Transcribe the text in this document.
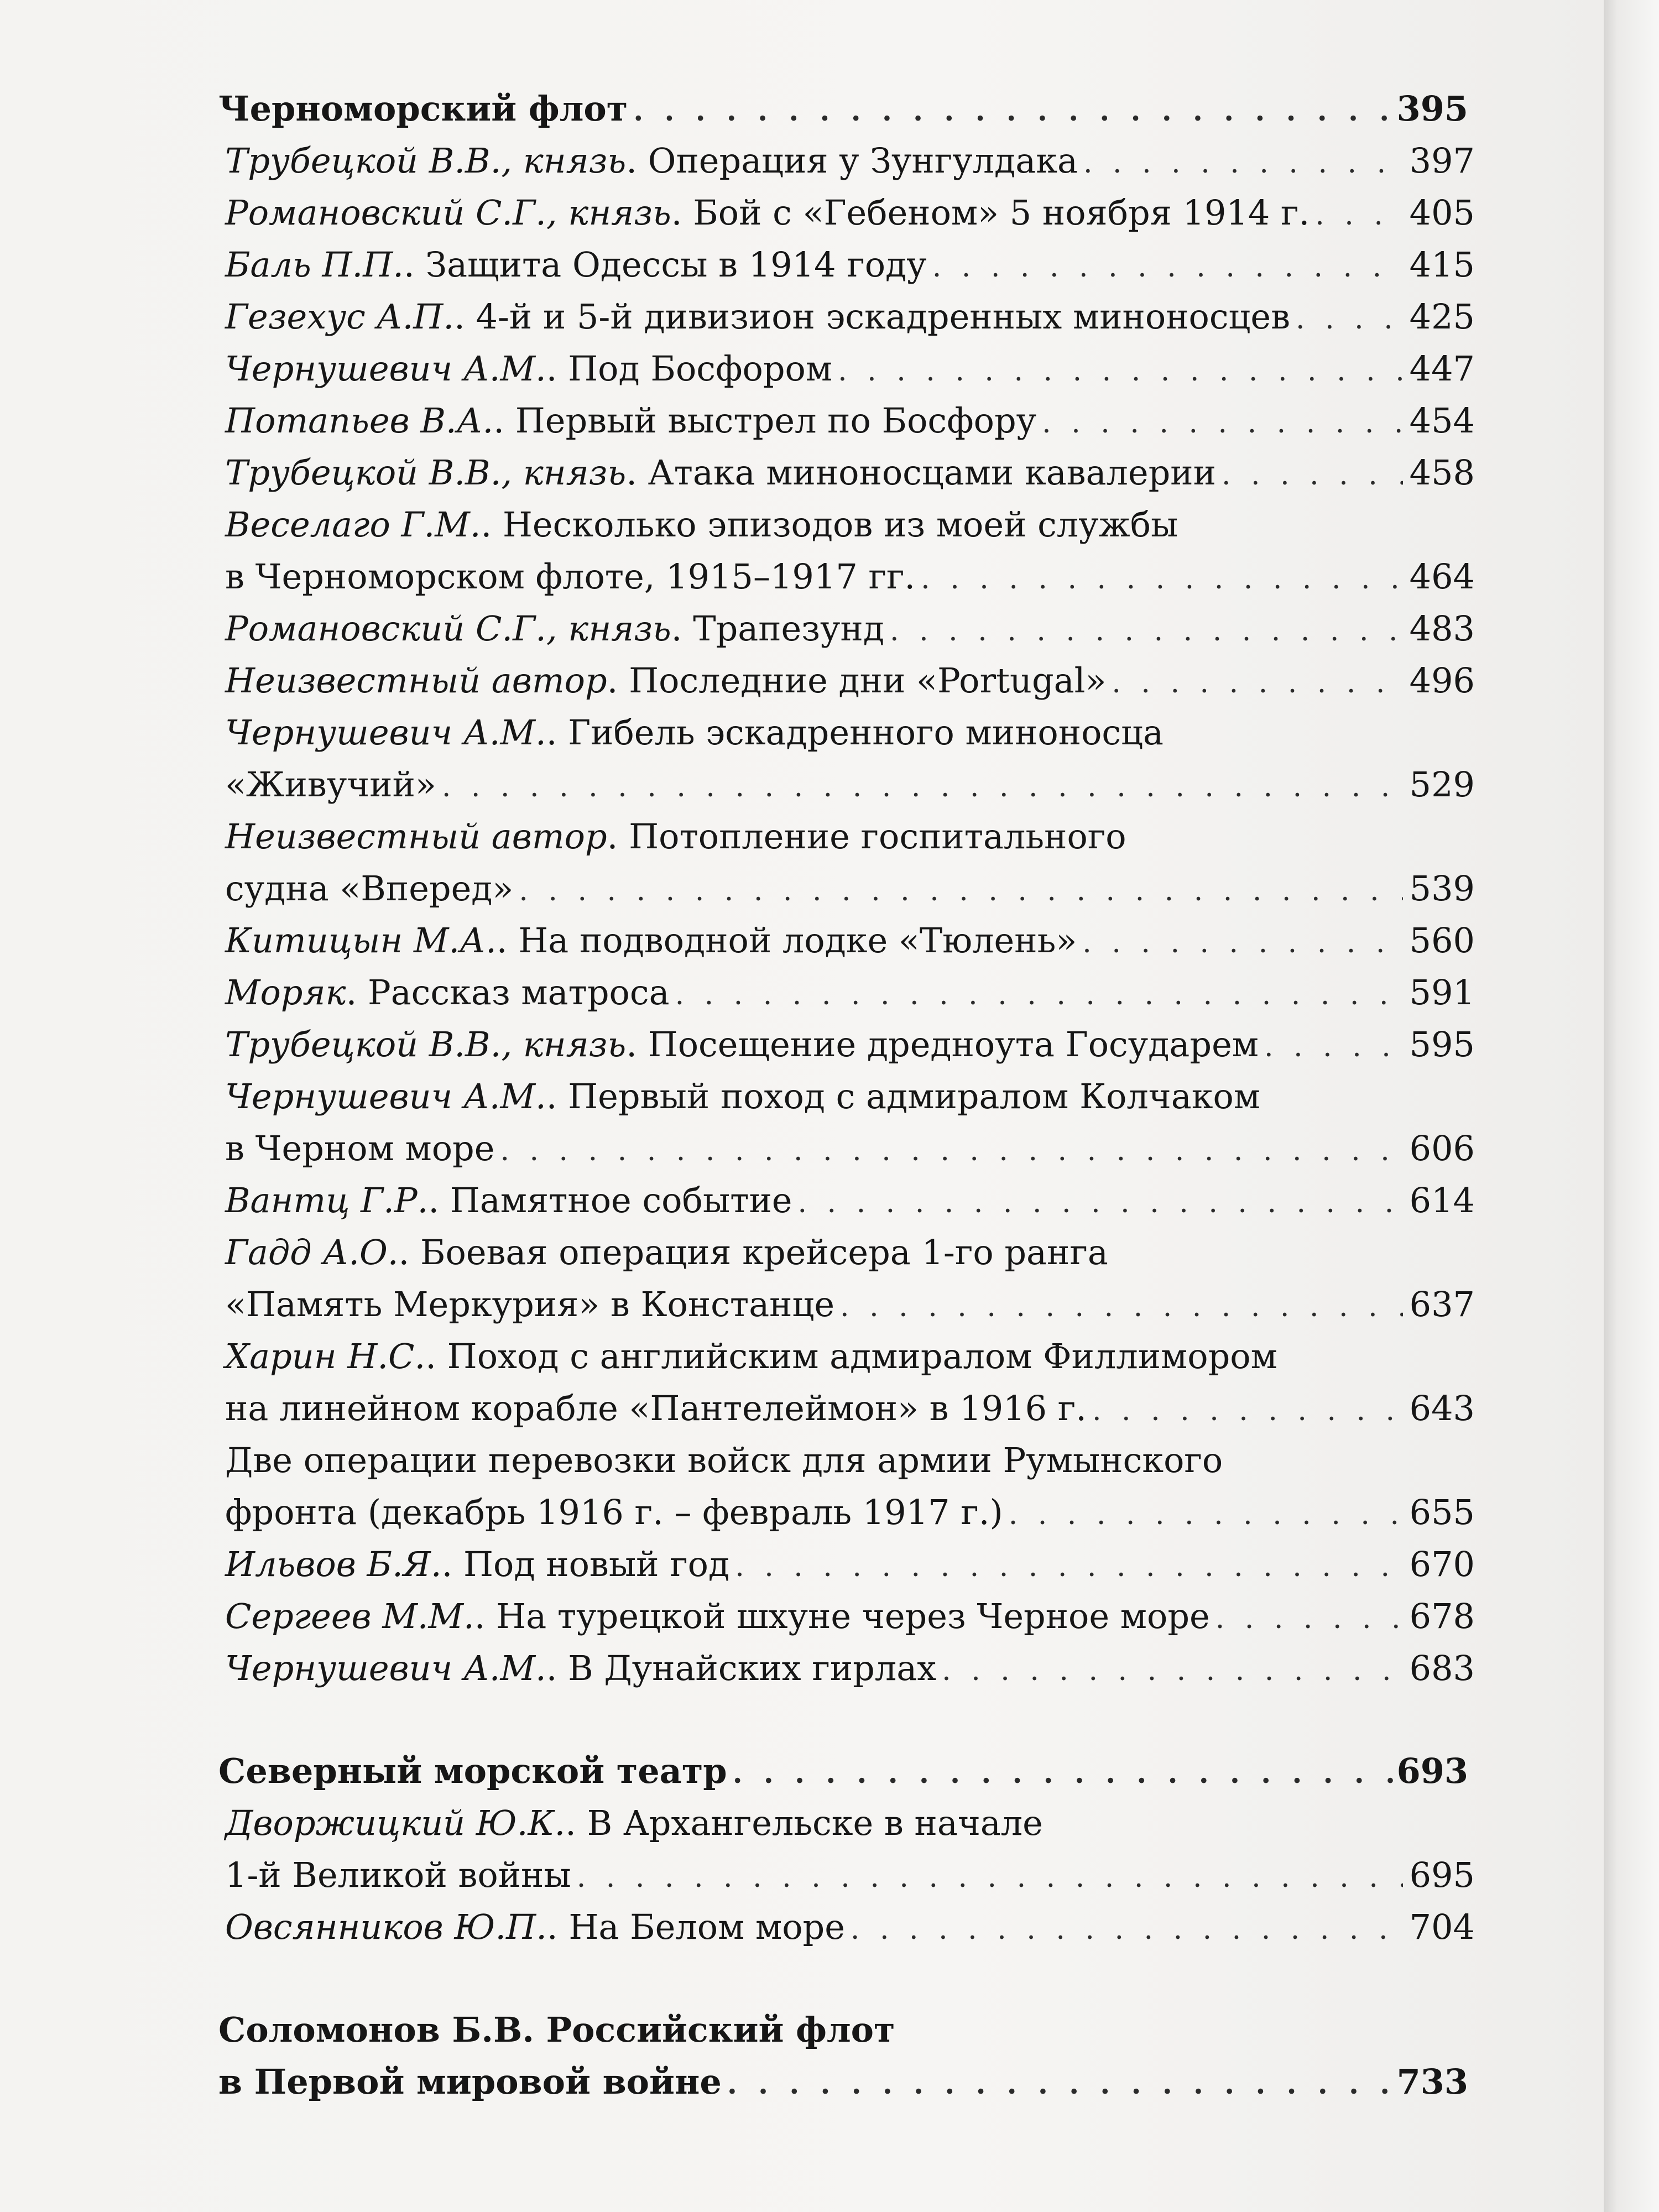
Черноморский флот . . .	395
Трубецкой В.В., князь. Операция у Зунгулдака . . .	397
Романовский С.Г., князь. Бой с «Гебеном» 5 ноября 1914 г. . . .	405
Баль П.П.. Защита Одессы в 1914 году . . .	415
Гезехус А.П.. 4-й и 5-й дивизион эскадренных миноносцев . . .	425
Чернушевич А.М.. Под Босфором . . .	447
Потапьев В.А.. Первый выстрел по Босфору . . .	454
Трубецкой В.В., князь. Атака миноносцами кавалерии . . .	458
Веселаго Г.М.. Несколько эпизодов из моей службы
в Черноморском флоте, 1915–1917 гг. . . .	464
Романовский С.Г., князь. Трапезунд . . .	483
Неизвестный автор. Последние дни «Portugal» . . .	496
Чернушевич А.М.. Гибель эскадренного миноносца
«Живучий» . . .	529
Неизвестный автор. Потопление госпитального
судна «Вперед» . . .	539
Китицын М.А.. На подводной лодке «Тюлень» . . .	560
Моряк. Рассказ матроса . . .	591
Трубецкой В.В., князь. Посещение дредноута Государем . . .	595
Чернушевич А.М.. Первый поход с адмиралом Колчаком
в Черном море . . .	606
Вантц Г.Р.. Памятное событие . . .	614
Гадд А.О.. Боевая операция крейсера 1-го ранга
«Память Меркурия» в Констанце . . .	637
Харин Н.С.. Поход с английским адмиралом Филлимором
на линейном корабле «Пантелеймон» в 1916 г. . . .	643
Две операции перевозки войск для армии Румынского
фронта (декабрь 1916 г. – февраль 1917 г.) . . .	655
Ильвов Б.Я.. Под новый год . . .	670
Сергеев М.М.. На турецкой шхуне через Черное море . . .	678
Чернушевич А.М.. В Дунайских гирлах . . .	683
Северный морской театр . . .	693
Дворжицкий Ю.К.. В Архангельске в начале
1-й Великой войны . . .	695
Овсянников Ю.П.. На Белом море . . .	704
Соломонов Б.В. Российский флот
в Первой мировой войне . . .	733
